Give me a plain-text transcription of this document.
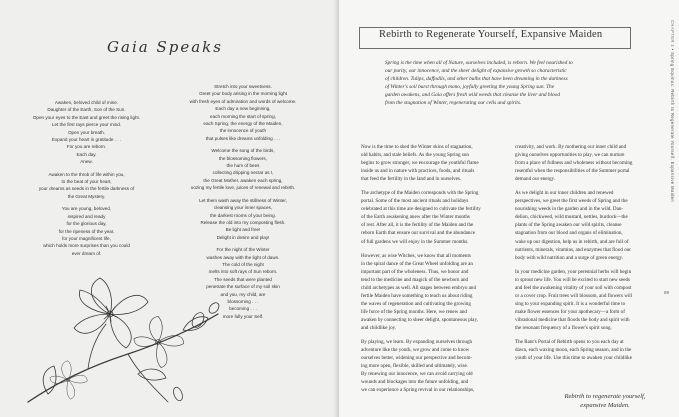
Gaia Speaks
Awaken, beloved child of mine.
Daughter of the Earth, Son of the Sun.
Open your eyes to the East and greet the rising light.
Let the first rays pierce your mind.
Open your breath.
Expand your heart in gratitude . . .
For you are reborn.
Each day.
Anew.
Awaken to the throb of life within you,
to the beat of your heart,
your dreams as seeds in the fertile darkness of
the Great Mystery.
You are young, beloved,
inspired and ready
for the glorious day,
for the ripeness of the year,
for your magnificent life,
which holds more surprises than you could
ever dream of.
Stretch into your sweetness.
Greet your body arising in the morning light
with fresh eyes of admiration and words of welcome.
Each day a new beginning,
each morning the start of spring,
each Spring, the energy of the Maiden,
the innocence of youth
that pulses like dreams unfolding . . .
Welcome the song of the birds,
the blossoming flowers,
the hum of bees
collecting dripping nectar as I,
the Great Mother, awaken each spring,
oozing my fertile love, juices of renewal and rebirth.
Let them wash away the stillness of Winter,
cleansing your inner spaces,
the darkest rooms of your being.
Release the old into my composting flesh.
Be light and free!
Delight in desire and play!
For the night of the Winter
washes away with the light of dawn.
The cold of the night
melts into soft rays of Sun reborn.
The seeds that were planted
penetrate the surface of my soil skin
and you, my child, are
blossoming . . .
becoming . . .
more fully your Self.
CHAPTER 4 • Spring Equinox: Rebirth to Regenerate Yourself, Expansive Maiden
Rebirth to Regenerate Yourself, Expansive Maiden
Spring is the time when all of Nature, ourselves included, is reborn. We feel nourished to
our purity, our innocence, and the sheer delight of expansive growth so characteristic
of children. Tulips, daffodils, and other bulbs that have been dreaming in the darkness
of Winter's soil burst through mono, joyfully greeting the young Spring sun. The
garden awakens, and Gaia offers fresh wild weeds that cleanse the liver and blood
from the stagnation of Winter, regenerating our cells and spirits.
Now is the time to shed the Winter skins of stagnation,
old habits, and stale beliefs. As the young Spring sun
begins to grow stronger, we encourage the youthful flame
inside us and in nature with practices, foods, and rituals
that feed the fertility in the land and in ourselves.
The archetype of the Maiden corresponds with the Spring
portal. Some of the most ancient rituals and holidays
celebrated at this time are designed to cultivate the fertility
of the Earth awakening anew after the Winter months
of rest. After all, it is the fertility of the Maiden and the
reborn Earth that ensure our survival and the abundance
of full gardens we will enjoy in the Summer months.
However, as wise Witches, we know that all moments
in the spiral dance of the Great Wheel unfolding are an
important part of the wholeness. Thus, we honor and
tend to the medicine and magick of the newborn and
child archetypes as well. All stages between embryo and
fertile Maiden have something to teach us about riding
the waves of regeneration and cultivating the growing
life force of the Spring months. Here, we renew and
awaken by connecting to sheer delight, spontaneous play,
and childlike joy.
By playing, we learn. By expanding ourselves through
adventure like the youth, we grow and come to know
ourselves better, widening our perspective and becom-
ing more open, flexible, skilled and ultimately, wise.
By renewing our innocence, we can avoid carrying old
wounds and blockages into the future unfolding, and
we can experience a Spring revival in our relationships,
creativity, and work. By mothering our inner child and
giving ourselves opportunities to play, we can nurture
from a place of fullness and wholeness without becoming
resentful when the responsibilities of the Summer portal
demand our energy.
As we delight in our inner children and renewed
perspectives, we greet the first weeds of Spring and the
nourishing weeds in the garden and in the wild. Dan-
delion, chickweed, wild mustard, nettles, burdock—the
plants of the Spring awaken our wild spirits, cleanse
stagnation from our blood and organs of elimination,
wake up our digestion, help us in rebirth, and are full of
nutrients, minerals, vitamins, and enzymes that flood our
body with wild nutrition and a surge of green energy.
In your medicine garden, your perennial herbs will begin
to sprout new life. You will be excited to start new seeds
and feel the awakening vitality of your soil with compost
or a cover crop. Fruit trees will blossom, and flowers will
sing to your expanding spirit. It is a wonderful time to
make flower essences for your apothecary—a form of
vibrational medicine that floods the body and spirit with
the resonant frequency of a flower's spirit song.
The Rant's Portal of Rebirth opens to you each day at
dawn, each waxing moon, each Spring season, and in the
youth of your life. Use this time to awaken your childlike
Rebirth to regenerate yourself,
expansive Maiden.
89
